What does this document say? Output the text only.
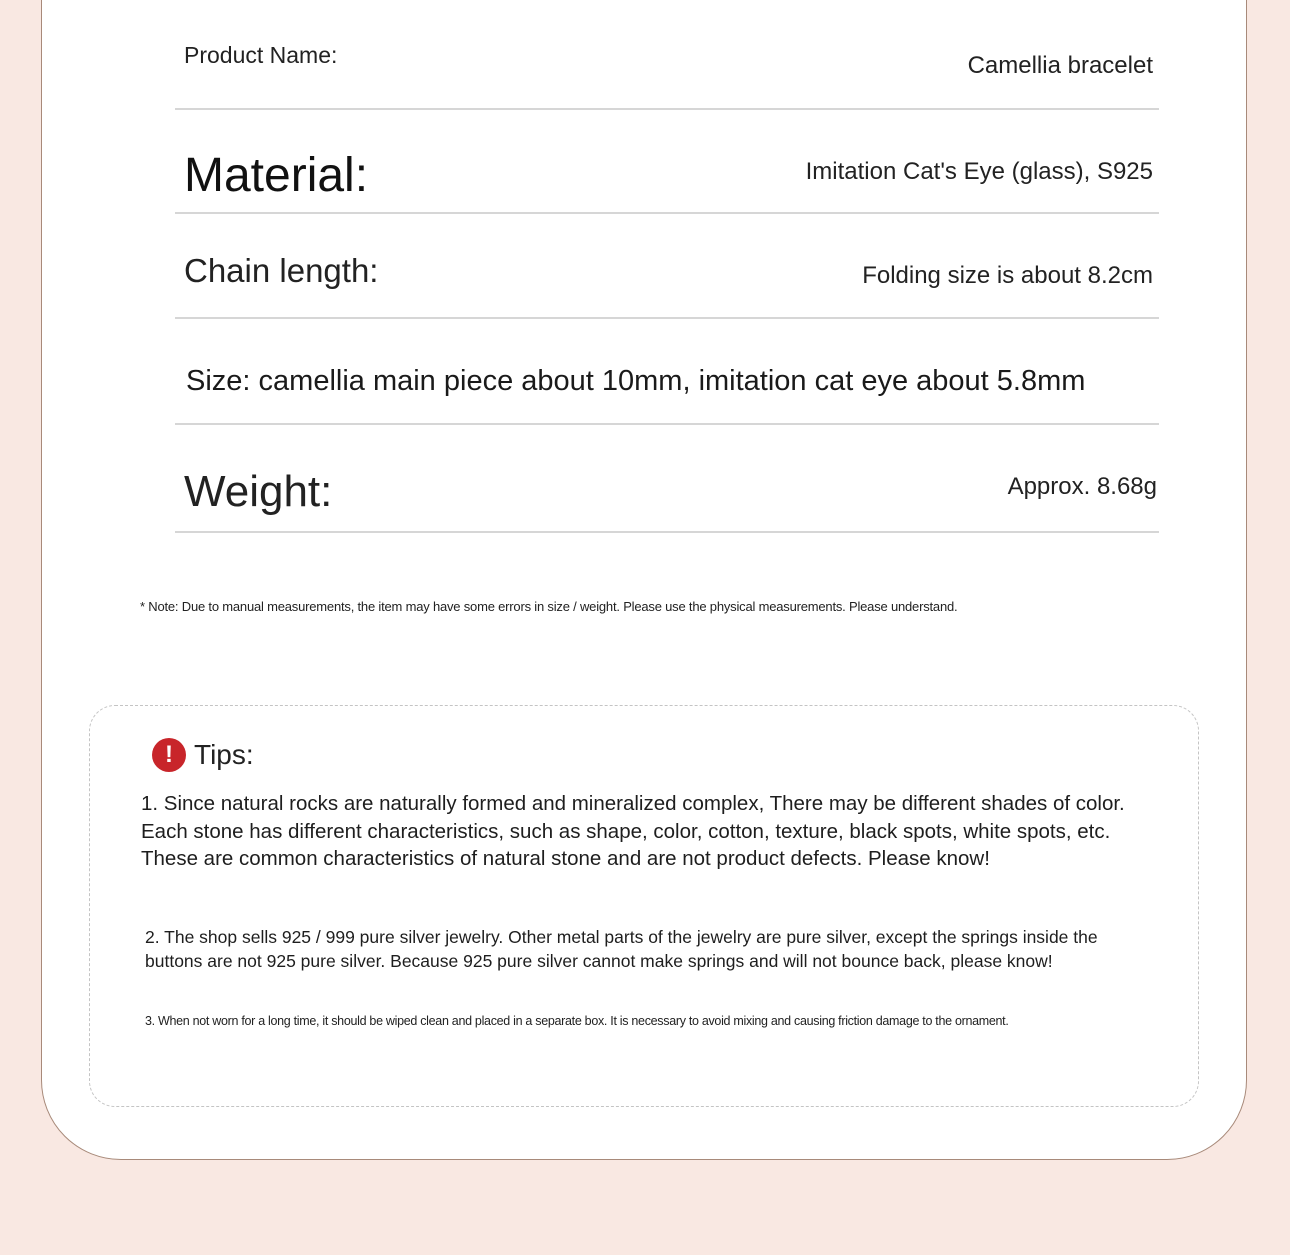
Product Name:	Camellia bracelet
Material:	Imitation Cat's Eye (glass), S925
Chain length:	Folding size is about 8.2cm
Size: camellia main piece about 10mm, imitation cat eye about 5.8mm
Weight:	Approx. 8.68g
* Note: Due to manual measurements, the item may have some errors in size / weight. Please use the physical measurements. Please understand.
! Tips:
1. Since natural rocks are naturally formed and mineralized complex, There may be different shades of color. Each stone has different characteristics, such as shape, color, cotton, texture, black spots, white spots, etc. These are common characteristics of natural stone and are not product defects. Please know!
2. The shop sells 925 / 999 pure silver jewelry. Other metal parts of the jewelry are pure silver, except the springs inside the buttons are not 925 pure silver. Because 925 pure silver cannot make springs and will not bounce back, please know!
3. When not worn for a long time, it should be wiped clean and placed in a separate box. It is necessary to avoid mixing and causing friction damage to the ornament.
